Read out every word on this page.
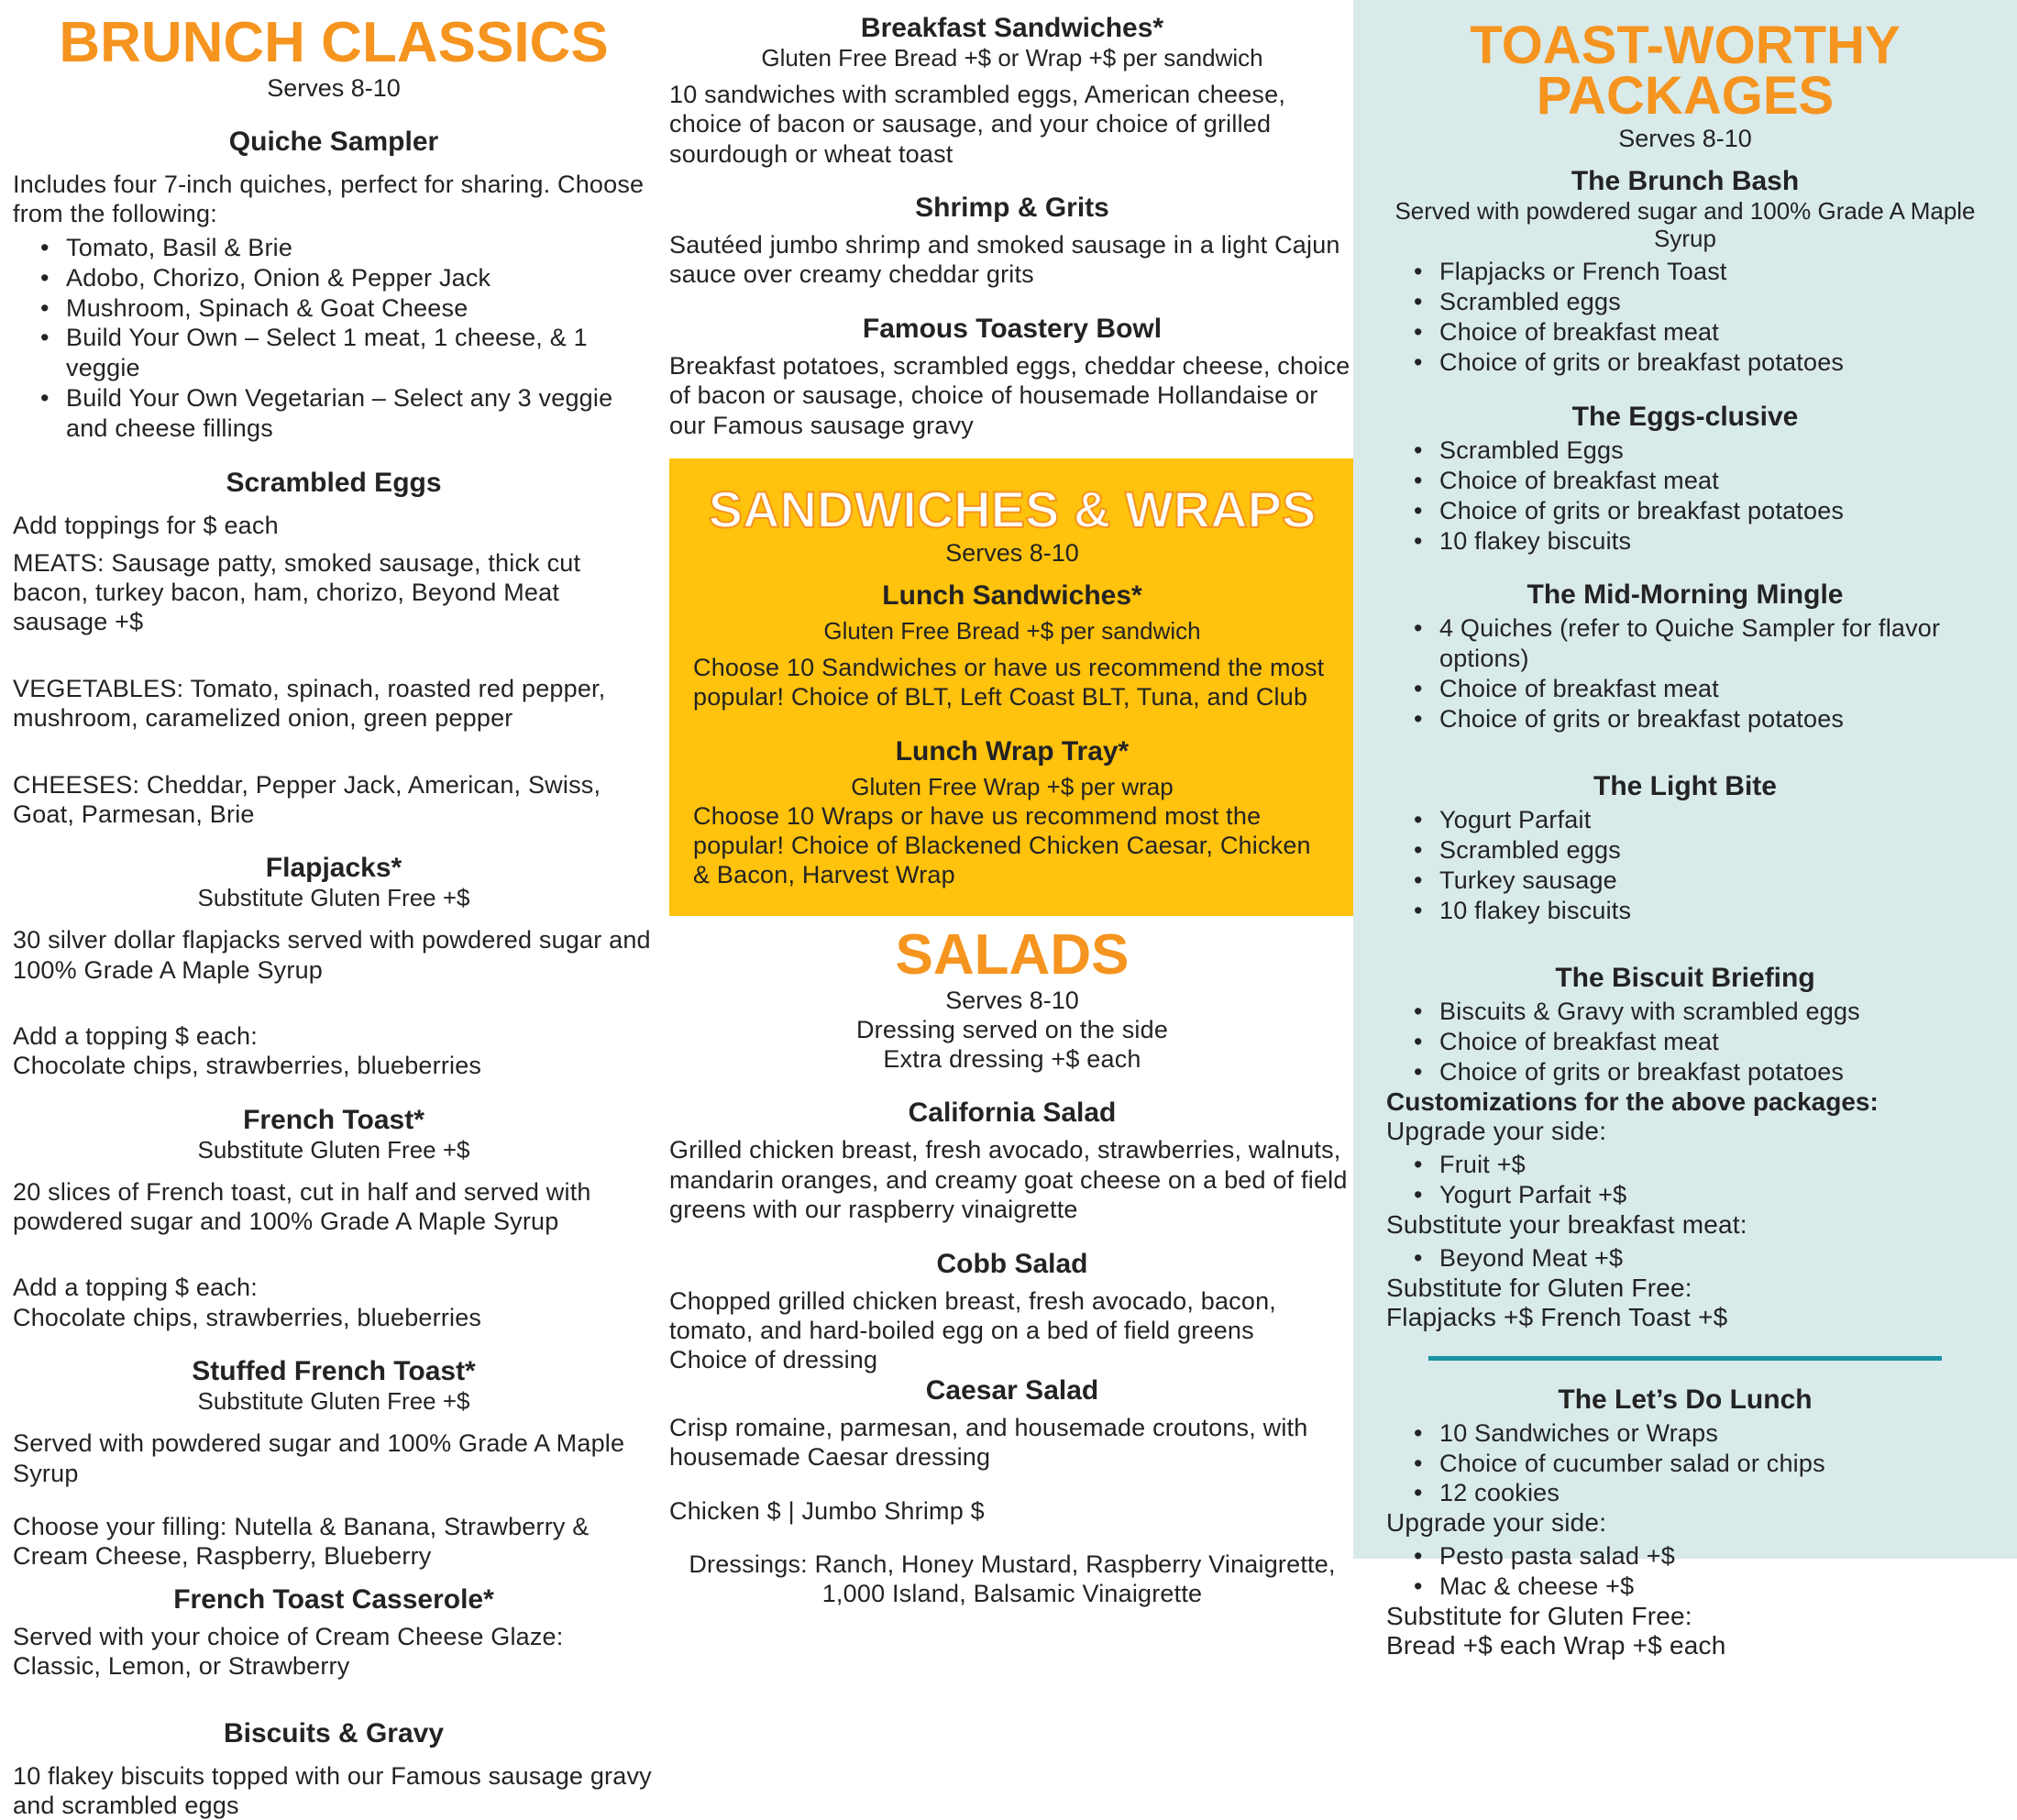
BRUNCH CLASSICS
Serves 8-10
Quiche Sampler

Includes four 7-inch quiches, perfect for sharing. Choose from the following:

• Tomato, Basil & Brie
• Adobo, Chorizo, Onion & Pepper Jack
• Mushroom, Spinach & Goat Cheese
• Build Your Own – Select 1 meat, 1 cheese, & 1 veggie
• Build Your Own Vegetarian – Select any 3 veggie and cheese fillings
Scrambled Eggs

Add toppings for $ each

MEATS: Sausage patty, smoked sausage, thick cut bacon, turkey bacon, ham, chorizo, Beyond Meat sausage +$

VEGETABLES: Tomato, spinach, roasted red pepper, mushroom, caramelized onion, green pepper

CHEESES: Cheddar, Pepper Jack, American, Swiss, Goat, Parmesan, Brie

Flapjacks*

Substitute Gluten Free +$

30 silver dollar flapjacks served with powdered sugar and 100% Grade A Maple Syrup

Add a topping $ each:

Chocolate chips, strawberries, blueberries

French Toast*

Substitute Gluten Free +$

20 slices of French toast, cut in half and served with powdered sugar and 100% Grade A Maple Syrup

Add a topping $ each:

Chocolate chips, strawberries, blueberries

Stuffed French Toast*

Substitute Gluten Free +$

Served with powdered sugar and 100% Grade A Maple Syrup

Choose your filling: Nutella & Banana, Strawberry & Cream Cheese, Raspberry, Blueberry

French Toast Casserole*

Served with your choice of Cream Cheese Glaze: Classic, Lemon, or Strawberry

Biscuits & Gravy

10 flakey biscuits topped with our Famous sausage gravy and scrambled eggs

Breakfast Sandwiches*

Gluten Free Bread +$ or Wrap +$ per sandwich

10 sandwiches with scrambled eggs, American cheese, choice of bacon or sausage, and your choice of grilled sourdough or wheat toast

Shrimp & Grits

Sautéed jumbo shrimp and smoked sausage in a light Cajun sauce over creamy cheddar grits

Famous Toastery Bowl

Breakfast potatoes, scrambled eggs, cheddar cheese, choice of bacon or sausage, choice of housemade Hollandaise or our Famous sausage gravy

SANDWICHES & WRAPS
Serves 8-10
Lunch Sandwiches*

Gluten Free Bread +$ per sandwich

Choose 10 Sandwiches or have us recommend the most popular! Choice of BLT, Left Coast BLT, Tuna, and Club

Lunch Wrap Tray*

Gluten Free Wrap +$ per wrap

Choose 10 Wraps or have us recommend most the popular! Choice of Blackened Chicken Caesar, Chicken & Bacon, Harvest Wrap

SALADS
Serves 8-10

Dressing served on the side

Extra dressing +$ each

California Salad

Grilled chicken breast, fresh avocado, strawberries, walnuts, mandarin oranges, and creamy goat cheese on a bed of field greens with our raspberry vinaigrette

Cobb Salad

Chopped grilled chicken breast, fresh avocado, bacon, tomato, and hard-boiled egg on a bed of field greens

Choice of dressing

Caesar Salad

Crisp romaine, parmesan, and housemade croutons, with housemade Caesar dressing

Chicken $ | Jumbo Shrimp $

Dressings: Ranch, Honey Mustard, Raspberry Vinaigrette, 1,000 Island, Balsamic Vinaigrette

TOAST-WORTHY
PACKAGES
Serves 8-10
The Brunch Bash

Served with powdered sugar and 100% Grade A Maple Syrup

• Flapjacks or French Toast
• Scrambled eggs
• Choice of breakfast meat
• Choice of grits or breakfast potatoes
The Eggs-clusive
• Scrambled Eggs
• Choice of breakfast meat
• Choice of grits or breakfast potatoes
• 10 flakey biscuits
The Mid-Morning Mingle
• 4 Quiches (refer to Quiche Sampler for flavor options)
• Choice of breakfast meat
• Choice of grits or breakfast potatoes
The Light Bite
• Yogurt Parfait
• Scrambled eggs
• Turkey sausage
• 10 flakey biscuits
The Biscuit Briefing
• Biscuits & Gravy with scrambled eggs
• Choice of breakfast meat
• Choice of grits or breakfast potatoes

Customizations for the above packages:

Upgrade your side:

• Fruit +$
• Yogurt Parfait +$

Substitute your breakfast meat:

• Beyond Meat +$

Substitute for Gluten Free:

Flapjacks +$ French Toast +$

The Let’s Do Lunch
• 10 Sandwiches or Wraps
• Choice of cucumber salad or chips
• 12 cookies

Upgrade your side:

• Pesto pasta salad +$
• Mac & cheese +$

Substitute for Gluten Free:

Bread +$ each Wrap +$ each
